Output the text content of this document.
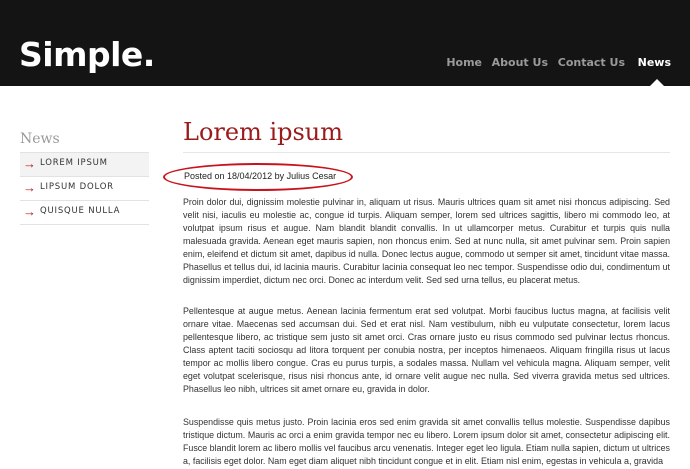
Simple.	Home About Us Contact Us News
News
→ LOREM IPSUM
→ LIPSUM DOLOR
→ QUISQUE NULLA
Lorem ipsum
Posted on 18/04/2012 by Julius Cesar

Proin dolor dui, dignissim molestie pulvinar in, aliquam ut risus. Mauris ultrices quam sit amet nisi rhoncus adipiscing. Sed velit nisi, iaculis eu molestie ac, congue id turpis. Aliquam semper, lorem sed ultrices sagittis, libero mi commodo leo, at volutpat ipsum risus et augue. Nam blandit blandit convallis. In ut ullamcorper metus. Curabitur et turpis quis nulla malesuada gravida. Aenean eget mauris sapien, non rhoncus enim. Sed at nunc nulla, sit amet pulvinar sem. Proin sapien enim, eleifend et dictum sit amet, dapibus id nulla. Donec lectus augue, commodo ut semper sit amet, tincidunt vitae massa. Phasellus et tellus dui, id lacinia mauris. Curabitur lacinia consequat leo nec tempor. Suspendisse odio dui, condimentum ut dignissim imperdiet, dictum nec orci. Donec ac interdum velit. Sed sed urna tellus, eu placerat metus.

Pellentesque at augue metus. Aenean lacinia fermentum erat sed volutpat. Morbi faucibus luctus magna, at facilisis velit ornare vitae. Maecenas sed accumsan dui. Sed et erat nisl. Nam vestibulum, nibh eu vulputate consectetur, lorem lacus pellentesque libero, ac tristique sem justo sit amet orci. Cras ornare justo eu risus commodo sed pulvinar lectus rhoncus. Class aptent taciti sociosqu ad litora torquent per conubia nostra, per inceptos himenaeos. Aliquam fringilla risus ut lacus tempor ac mollis libero congue. Cras eu purus turpis, a sodales massa. Nullam vel vehicula magna. Aliquam semper, velit eget volutpat scelerisque, risus nisi rhoncus ante, id ornare velit augue nec nulla. Sed viverra gravida metus sed ultrices. Phasellus leo nibh, ultrices sit amet ornare eu, gravida in dolor.

Suspendisse quis metus justo. Proin lacinia eros sed enim gravida sit amet convallis tellus molestie. Suspendisse dapibus tristique dictum. Mauris ac orci a enim gravida tempor nec eu libero. Lorem ipsum dolor sit amet, consectetur adipiscing elit. Fusce blandit lorem ac libero mollis vel faucibus arcu venenatis. Integer eget leo ligula. Etiam nulla sapien, dictum ut ultrices a, facilisis eget dolor. Nam eget diam aliquet nibh tincidunt congue et in elit. Etiam nisl enim, egestas in vehicula a, gravida
